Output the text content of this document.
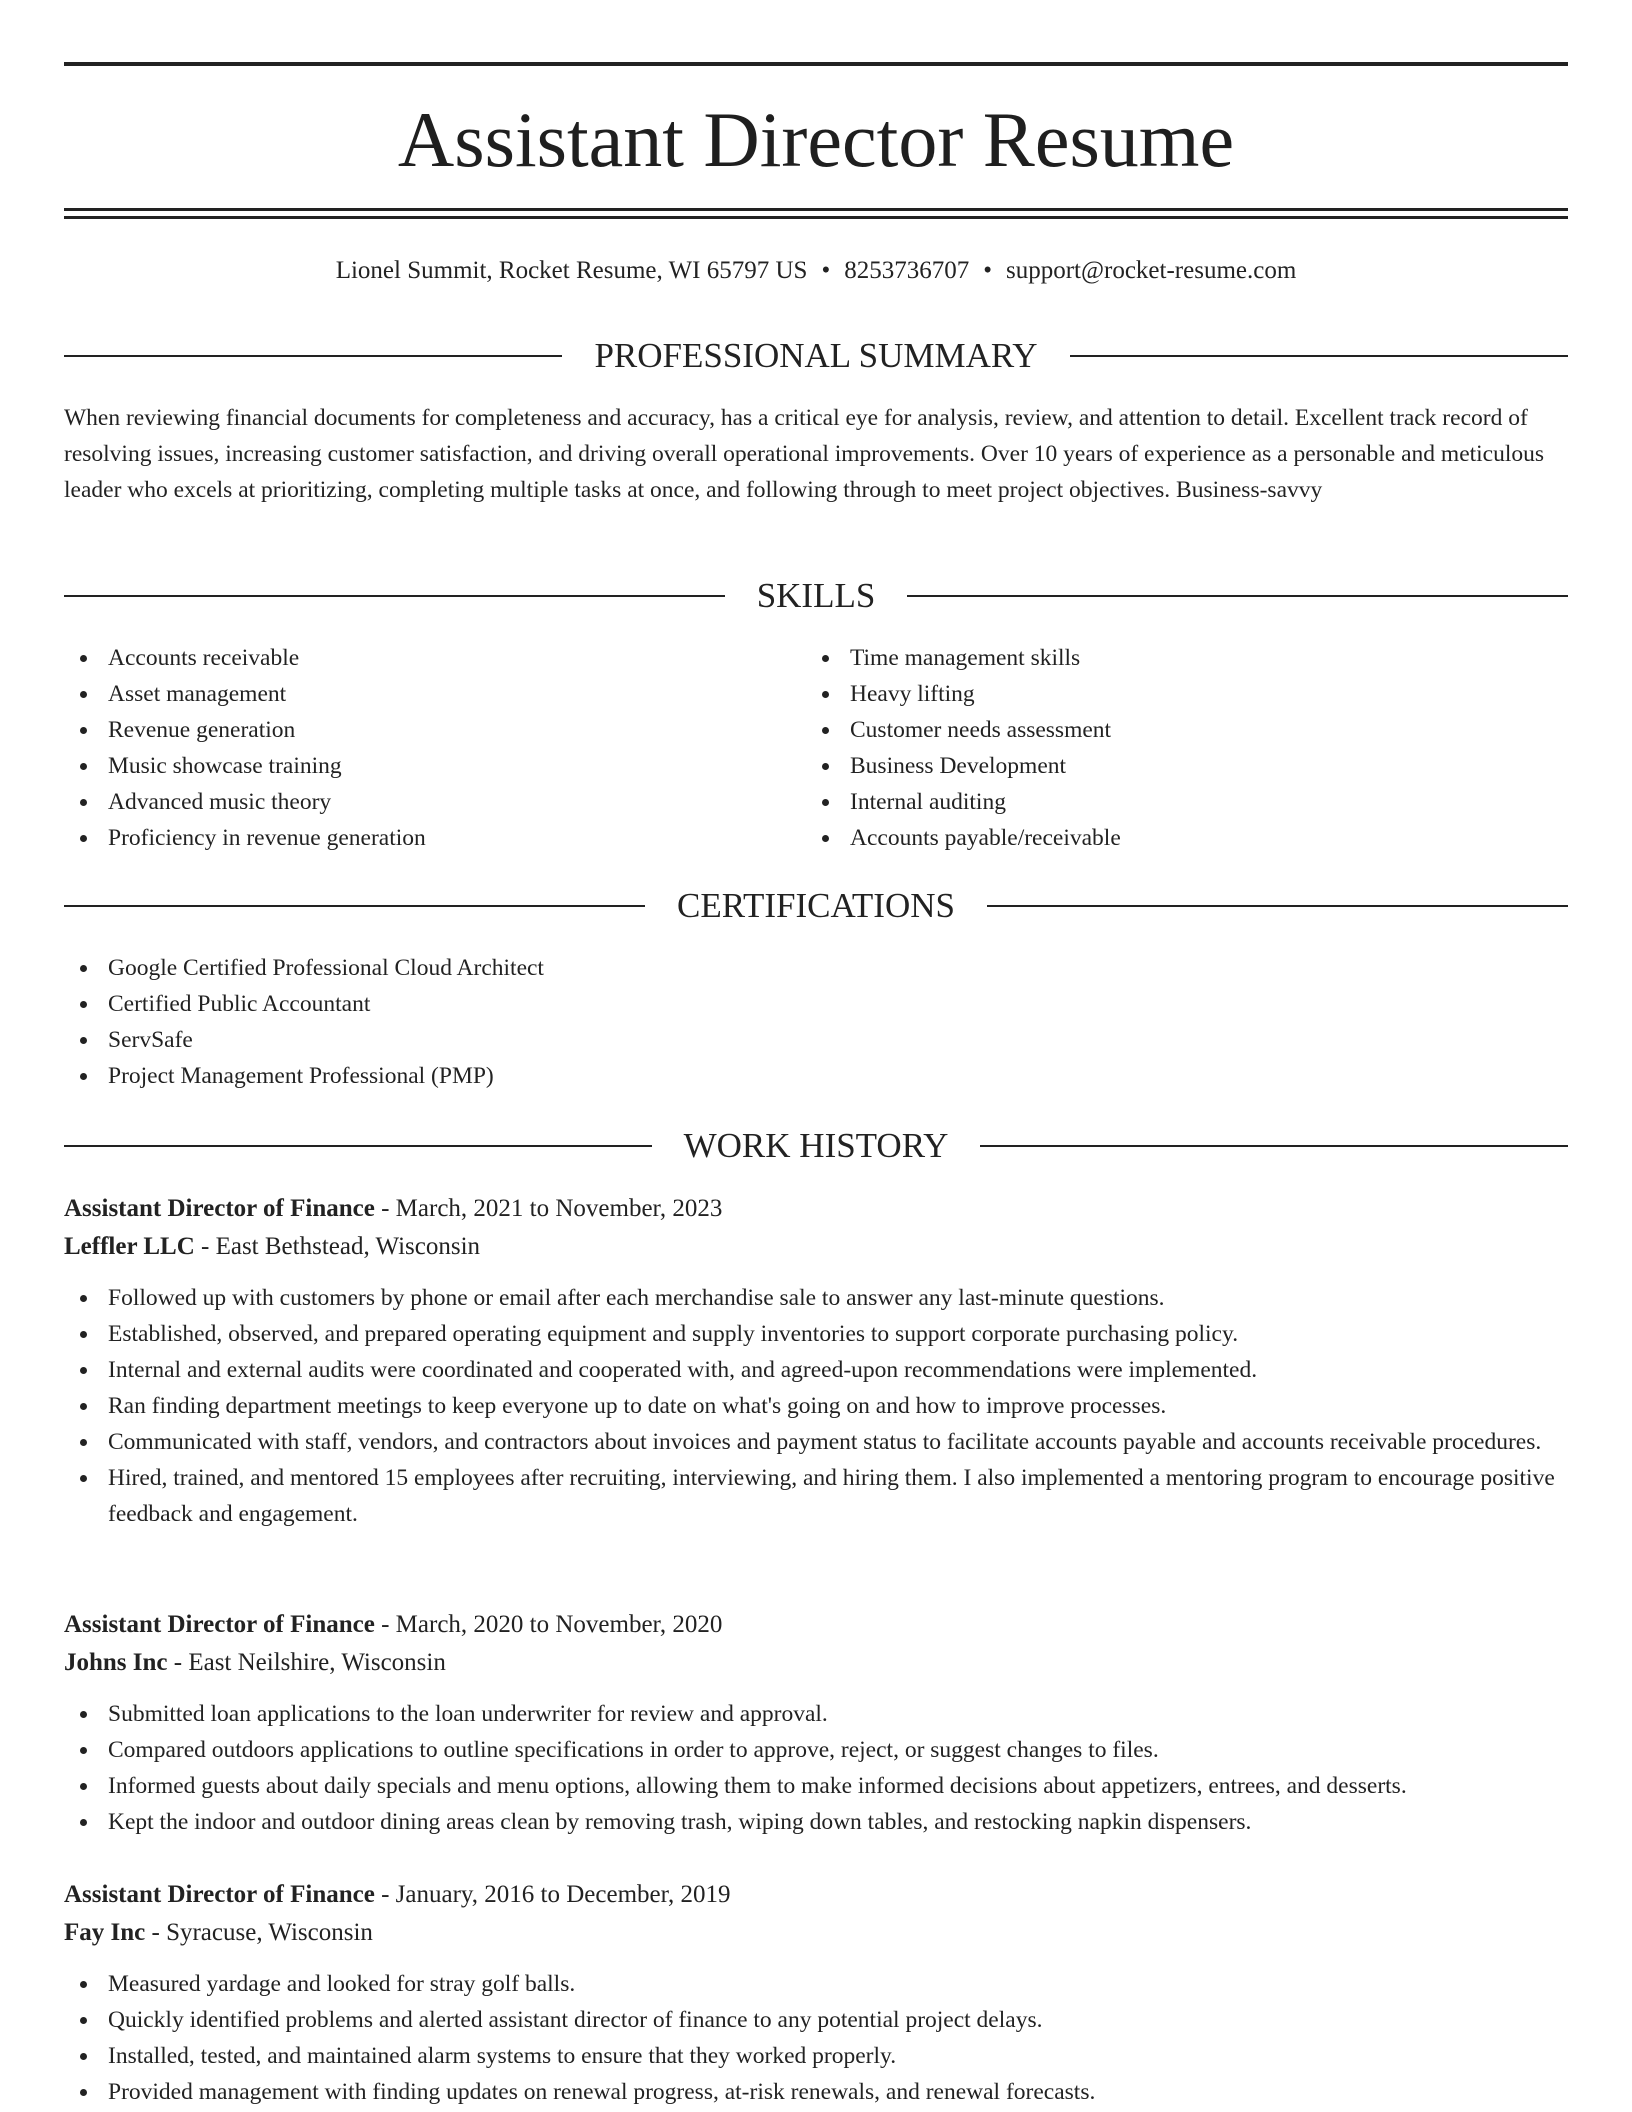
Assistant Director Resume
Lionel Summit, Rocket Resume, WI 65797 US • 8253736707 • support@rocket-resume.com
PROFESSIONAL SUMMARY

When reviewing financial documents for completeness and accuracy, has a critical eye for analysis, review, and attention to detail. Excellent track record of resolving issues, increasing customer satisfaction, and driving overall operational improvements. Over 10 years of experience as a personable and meticulous leader who excels at prioritizing, completing multiple tasks at once, and following through to meet project objectives. Business-savvy

SKILLS
Accounts receivable
Asset management
Revenue generation
Music showcase training
Advanced music theory
Proficiency in revenue generation
Time management skills
Heavy lifting
Customer needs assessment
Business Development
Internal auditing
Accounts payable/receivable
CERTIFICATIONS
Google Certified Professional Cloud Architect
Certified Public Accountant
ServSafe
Project Management Professional (PMP)
WORK HISTORY

Assistant Director of Finance - March, 2021 to November, 2023

Leffler LLC - East Bethstead, Wisconsin

Followed up with customers by phone or email after each merchandise sale to answer any last-minute questions.
Established, observed, and prepared operating equipment and supply inventories to support corporate purchasing policy.
Internal and external audits were coordinated and cooperated with, and agreed-upon recommendations were implemented.
Ran finding department meetings to keep everyone up to date on what's going on and how to improve processes.
Communicated with staff, vendors, and contractors about invoices and payment status to facilitate accounts payable and accounts receivable procedures.
Hired, trained, and mentored 15 employees after recruiting, interviewing, and hiring them. I also implemented a mentoring program to encourage positive feedback and engagement.

Assistant Director of Finance - March, 2020 to November, 2020

Johns Inc - East Neilshire, Wisconsin

Submitted loan applications to the loan underwriter for review and approval.
Compared outdoors applications to outline specifications in order to approve, reject, or suggest changes to files.
Informed guests about daily specials and menu options, allowing them to make informed decisions about appetizers, entrees, and desserts.
Kept the indoor and outdoor dining areas clean by removing trash, wiping down tables, and restocking napkin dispensers.

Assistant Director of Finance - January, 2016 to December, 2019

Fay Inc - Syracuse, Wisconsin

Measured yardage and looked for stray golf balls.
Quickly identified problems and alerted assistant director of finance to any potential project delays.
Installed, tested, and maintained alarm systems to ensure that they worked properly.
Provided management with finding updates on renewal progress, at-risk renewals, and renewal forecasts.
